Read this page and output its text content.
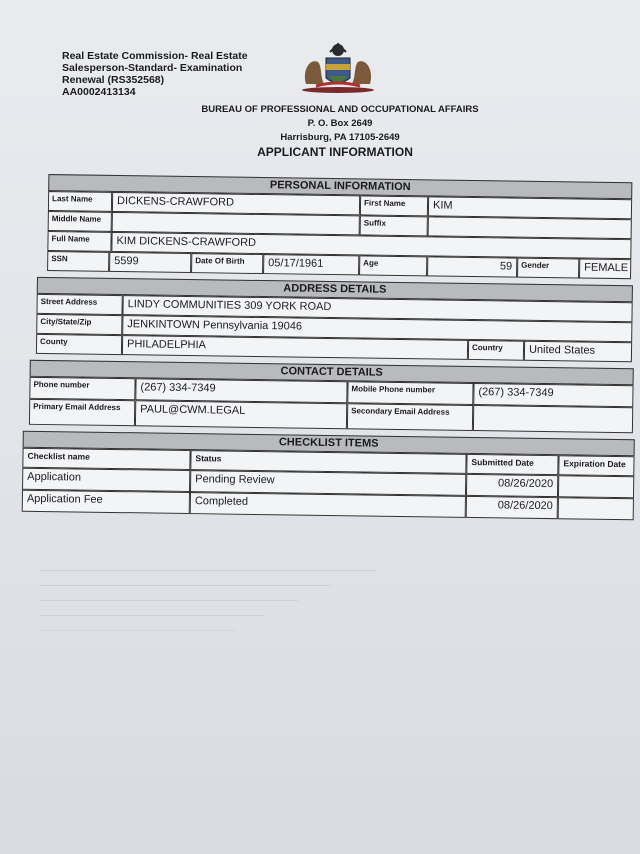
Real Estate Commission- Real Estate
Salesperson-Standard- Examination
Renewal (RS352568)
AA0002413134
BUREAU OF PROFESSIONAL AND OCCUPATIONAL AFFAIRS
P. O. Box 2649
Harrisburg, PA 17105-2649
APPLICANT INFORMATION
PERSONAL INFORMATION
Last Name	DICKENS-CRAWFORD	First Name	KIM
Middle Name	Suffix
Full Name	KIM DICKENS-CRAWFORD
SSN	5599	Date Of Birth	05/17/1961	Age	59	Gender	FEMALE
ADDRESS DETAILS
Street Address	LINDY COMMUNITIES 309 YORK ROAD
City/State/Zip	JENKINTOWN Pennsylvania 19046
County	PHILADELPHIA	Country	United States
CONTACT DETAILS
Phone number	(267) 334-7349	Mobile Phone number	(267) 334-7349
Primary Email Address	PAUL@CWM.LEGAL	Secondary Email Address
CHECKLIST ITEMS
Checklist name	Status	Submitted Date	Expiration Date
Application	Pending Review	08/26/2020
Application Fee	Completed	08/26/2020
